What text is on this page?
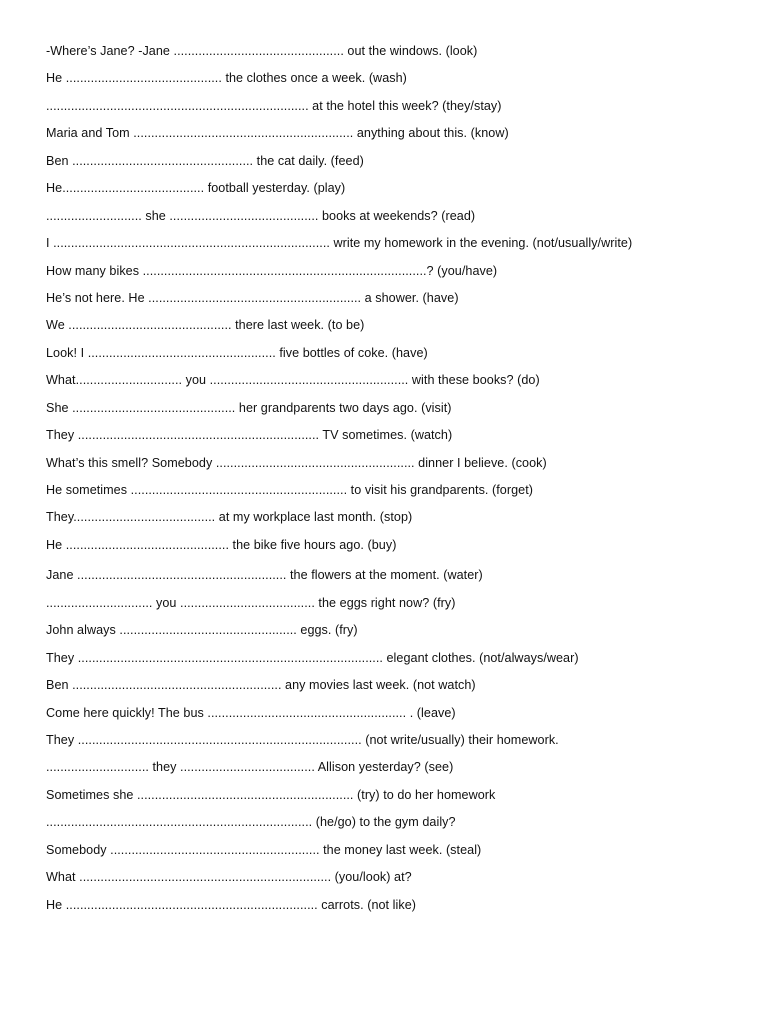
-Where’s Jane? -Jane ................................................ out the windows. (look)
He ............................................ the clothes once a week. (wash)
.......................................................................... at the hotel this week? (they/stay)
Maria and Tom .............................................................. anything about this. (know)
Ben ................................................... the cat daily. (feed)
He........................................ football yesterday. (play)
........................... she .......................................... books at weekends? (read)
I .............................................................................. write my homework in the evening. (not/usually/write)
How many bikes ................................................................................? (you/have)
He’s not here. He ............................................................ a shower. (have)
We .............................................. there last week. (to be)
Look! I ..................................................... five bottles of coke. (have)
What.............................. you ........................................................ with these books? (do)
She .............................................. her grandparents two days ago. (visit)
They .................................................................... TV sometimes. (watch)
What’s this smell? Somebody ........................................................ dinner I believe. (cook)
He sometimes ............................................................. to visit his grandparents. (forget)
They........................................ at my workplace last month. (stop)
He .............................................. the bike five hours ago. (buy)
Jane ........................................................... the flowers at the moment. (water)
.............................. you ...................................... the eggs right now? (fry)
John always .................................................. eggs. (fry)
They ...................................................................................... elegant clothes. (not/always/wear)
Ben ........................................................... any movies last week. (not watch)
Come here quickly! The bus ........................................................ . (leave)
They ................................................................................ (not write/usually) their homework.
............................. they ...................................... Allison yesterday? (see)
Sometimes she ............................................................. (try) to do her homework
........................................................................... (he/go) to the gym daily?
Somebody ........................................................... the money last week. (steal)
What ....................................................................... (you/look) at?
He ....................................................................... carrots. (not like)
